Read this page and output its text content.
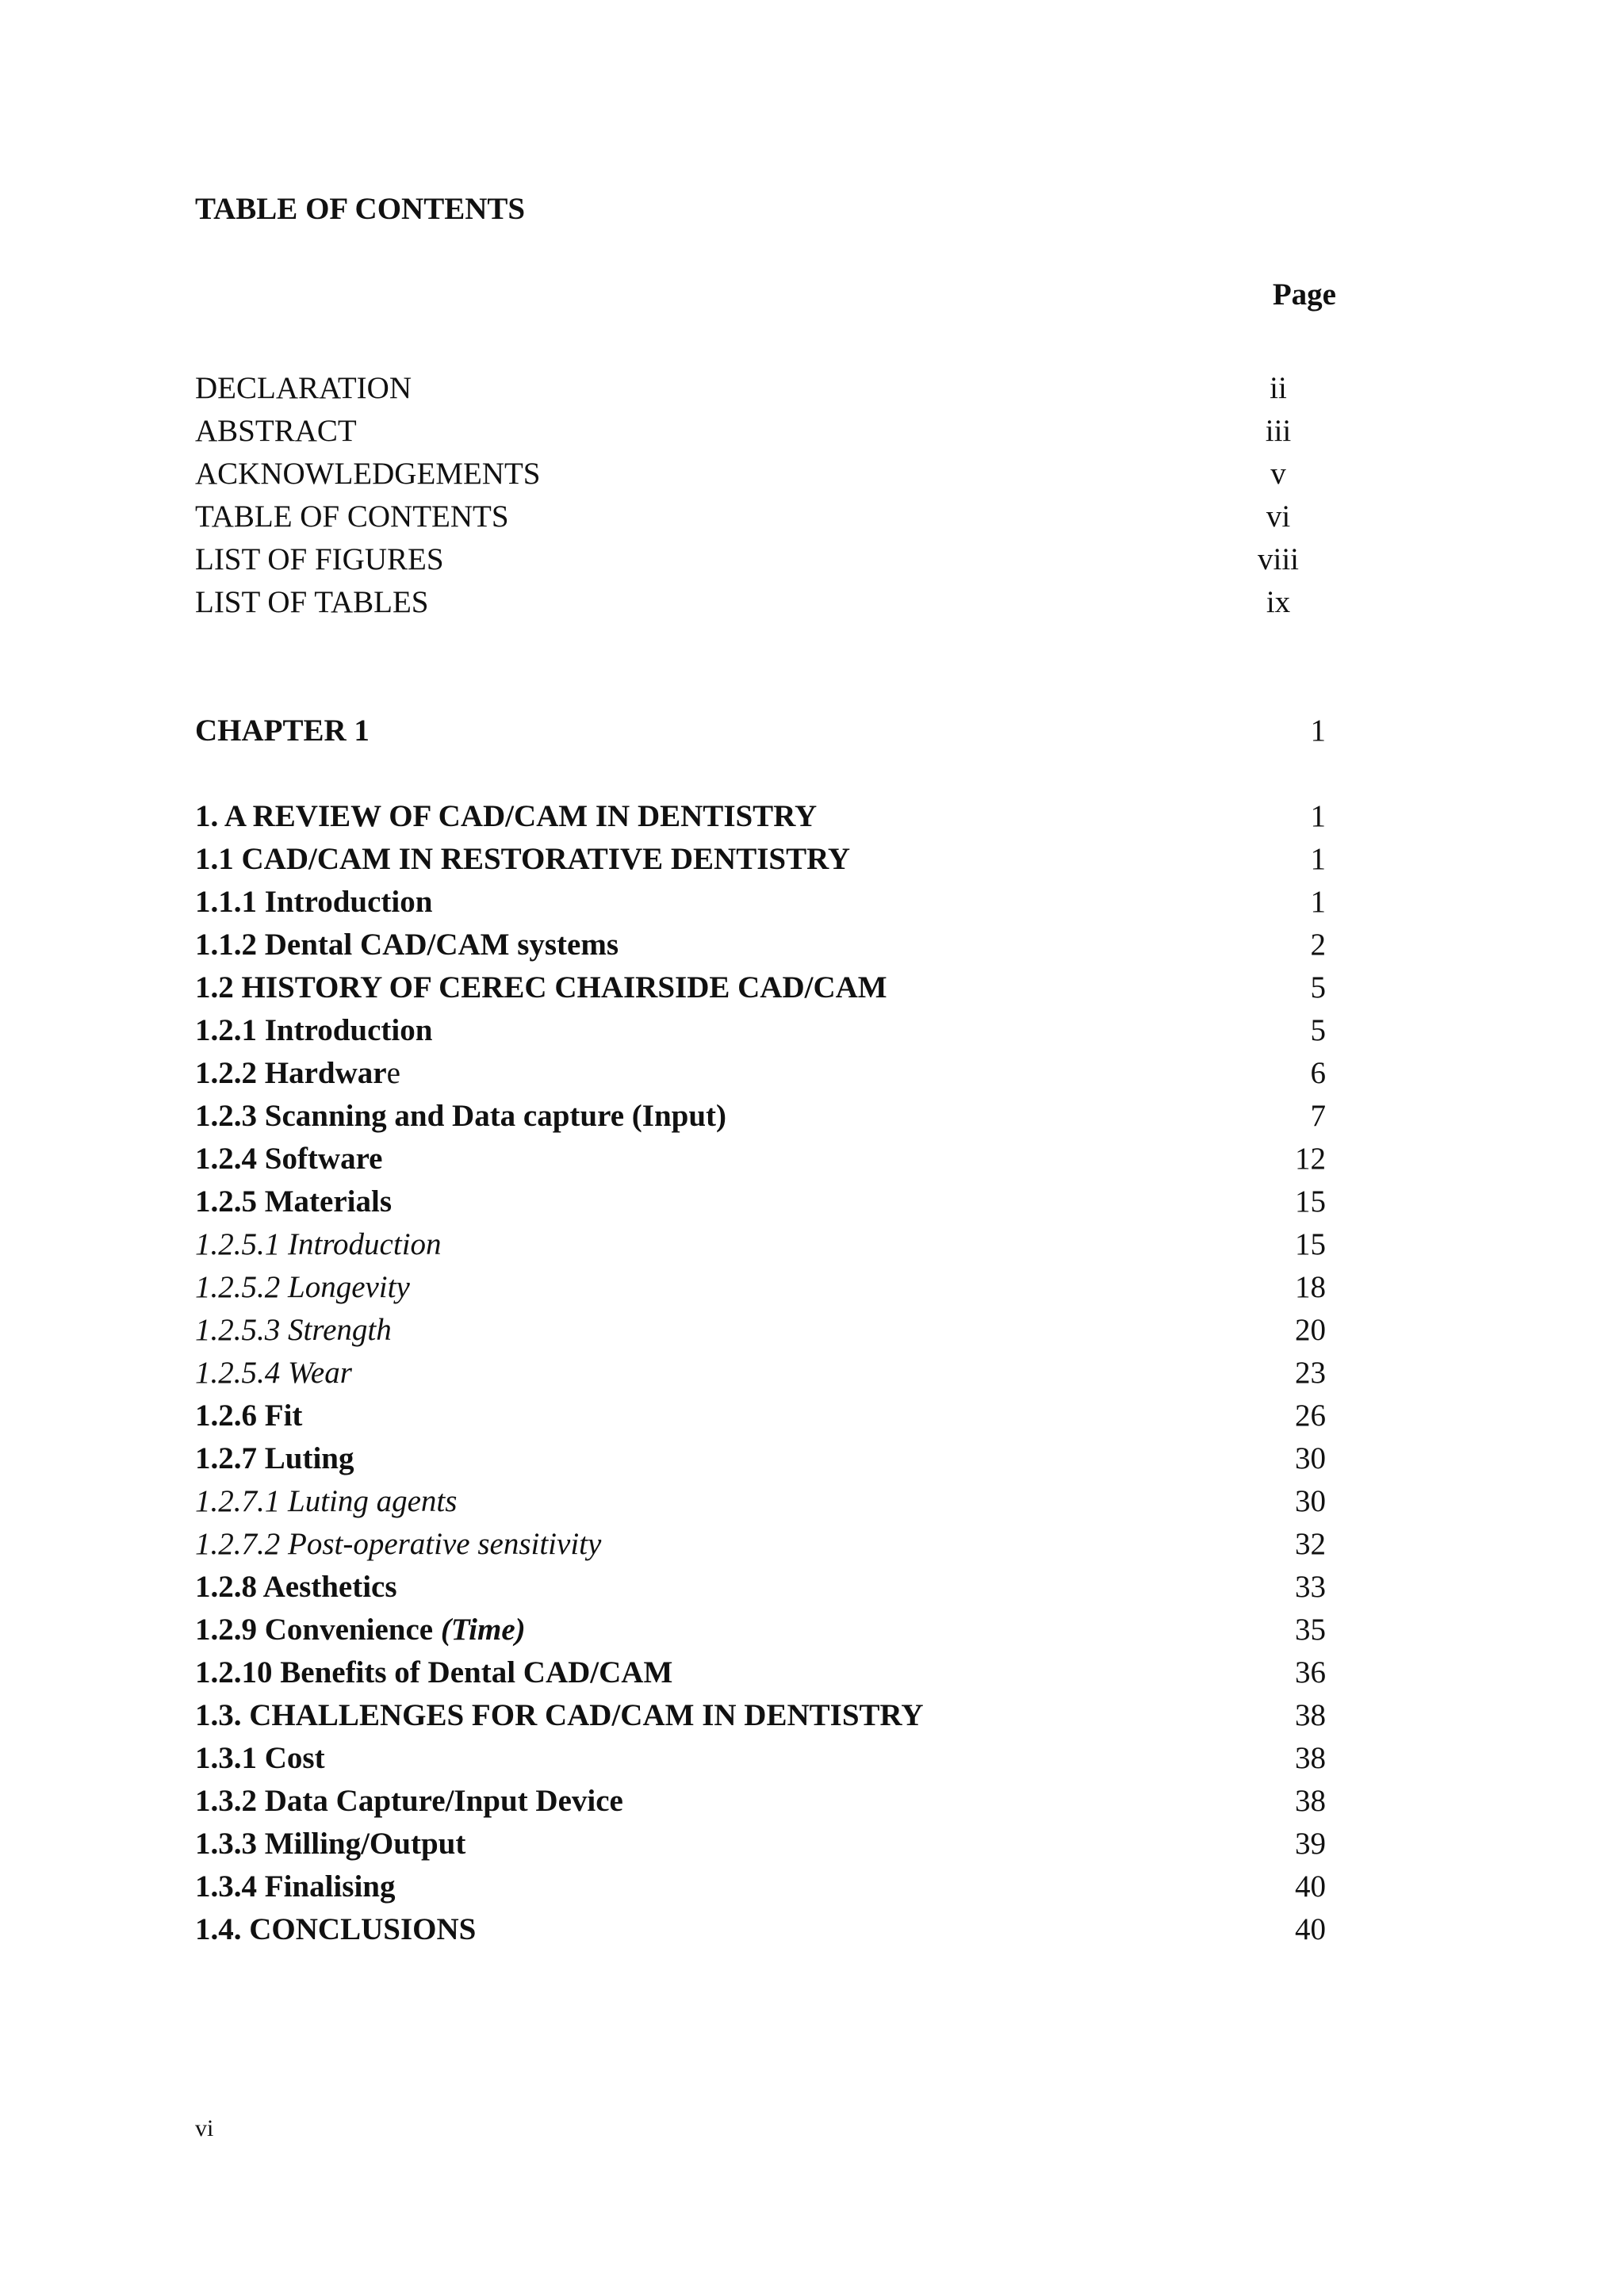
TABLE OF CONTENTS
Page
DECLARATION	ii
ABSTRACT	iii
ACKNOWLEDGEMENTS	v
TABLE OF CONTENTS	vi
LIST OF FIGURES	viii
LIST OF TABLES	ix
CHAPTER 1	1
1. A REVIEW OF CAD/CAM IN DENTISTRY	1
1.1 CAD/CAM IN RESTORATIVE DENTISTRY	1
1.1.1 Introduction	1
1.1.2 Dental CAD/CAM systems	2
1.2 HISTORY OF CEREC CHAIRSIDE CAD/CAM	5
1.2.1 Introduction	5
1.2.2 Hardware	6
1.2.3 Scanning and Data capture (Input)	7
1.2.4 Software	12
1.2.5 Materials	15
1.2.5.1 Introduction	15
1.2.5.2 Longevity	18
1.2.5.3 Strength	20
1.2.5.4 Wear	23
1.2.6 Fit	26
1.2.7 Luting	30
1.2.7.1 Luting agents	30
1.2.7.2 Post-operative sensitivity	32
1.2.8 Aesthetics	33
1.2.9 Convenience (Time)	35
1.2.10 Benefits of Dental CAD/CAM	36
1.3. CHALLENGES FOR CAD/CAM IN DENTISTRY	38
1.3.1 Cost	38
1.3.2 Data Capture/Input Device	38
1.3.3 Milling/Output	39
1.3.4 Finalising	40
1.4. CONCLUSIONS	40
vi
